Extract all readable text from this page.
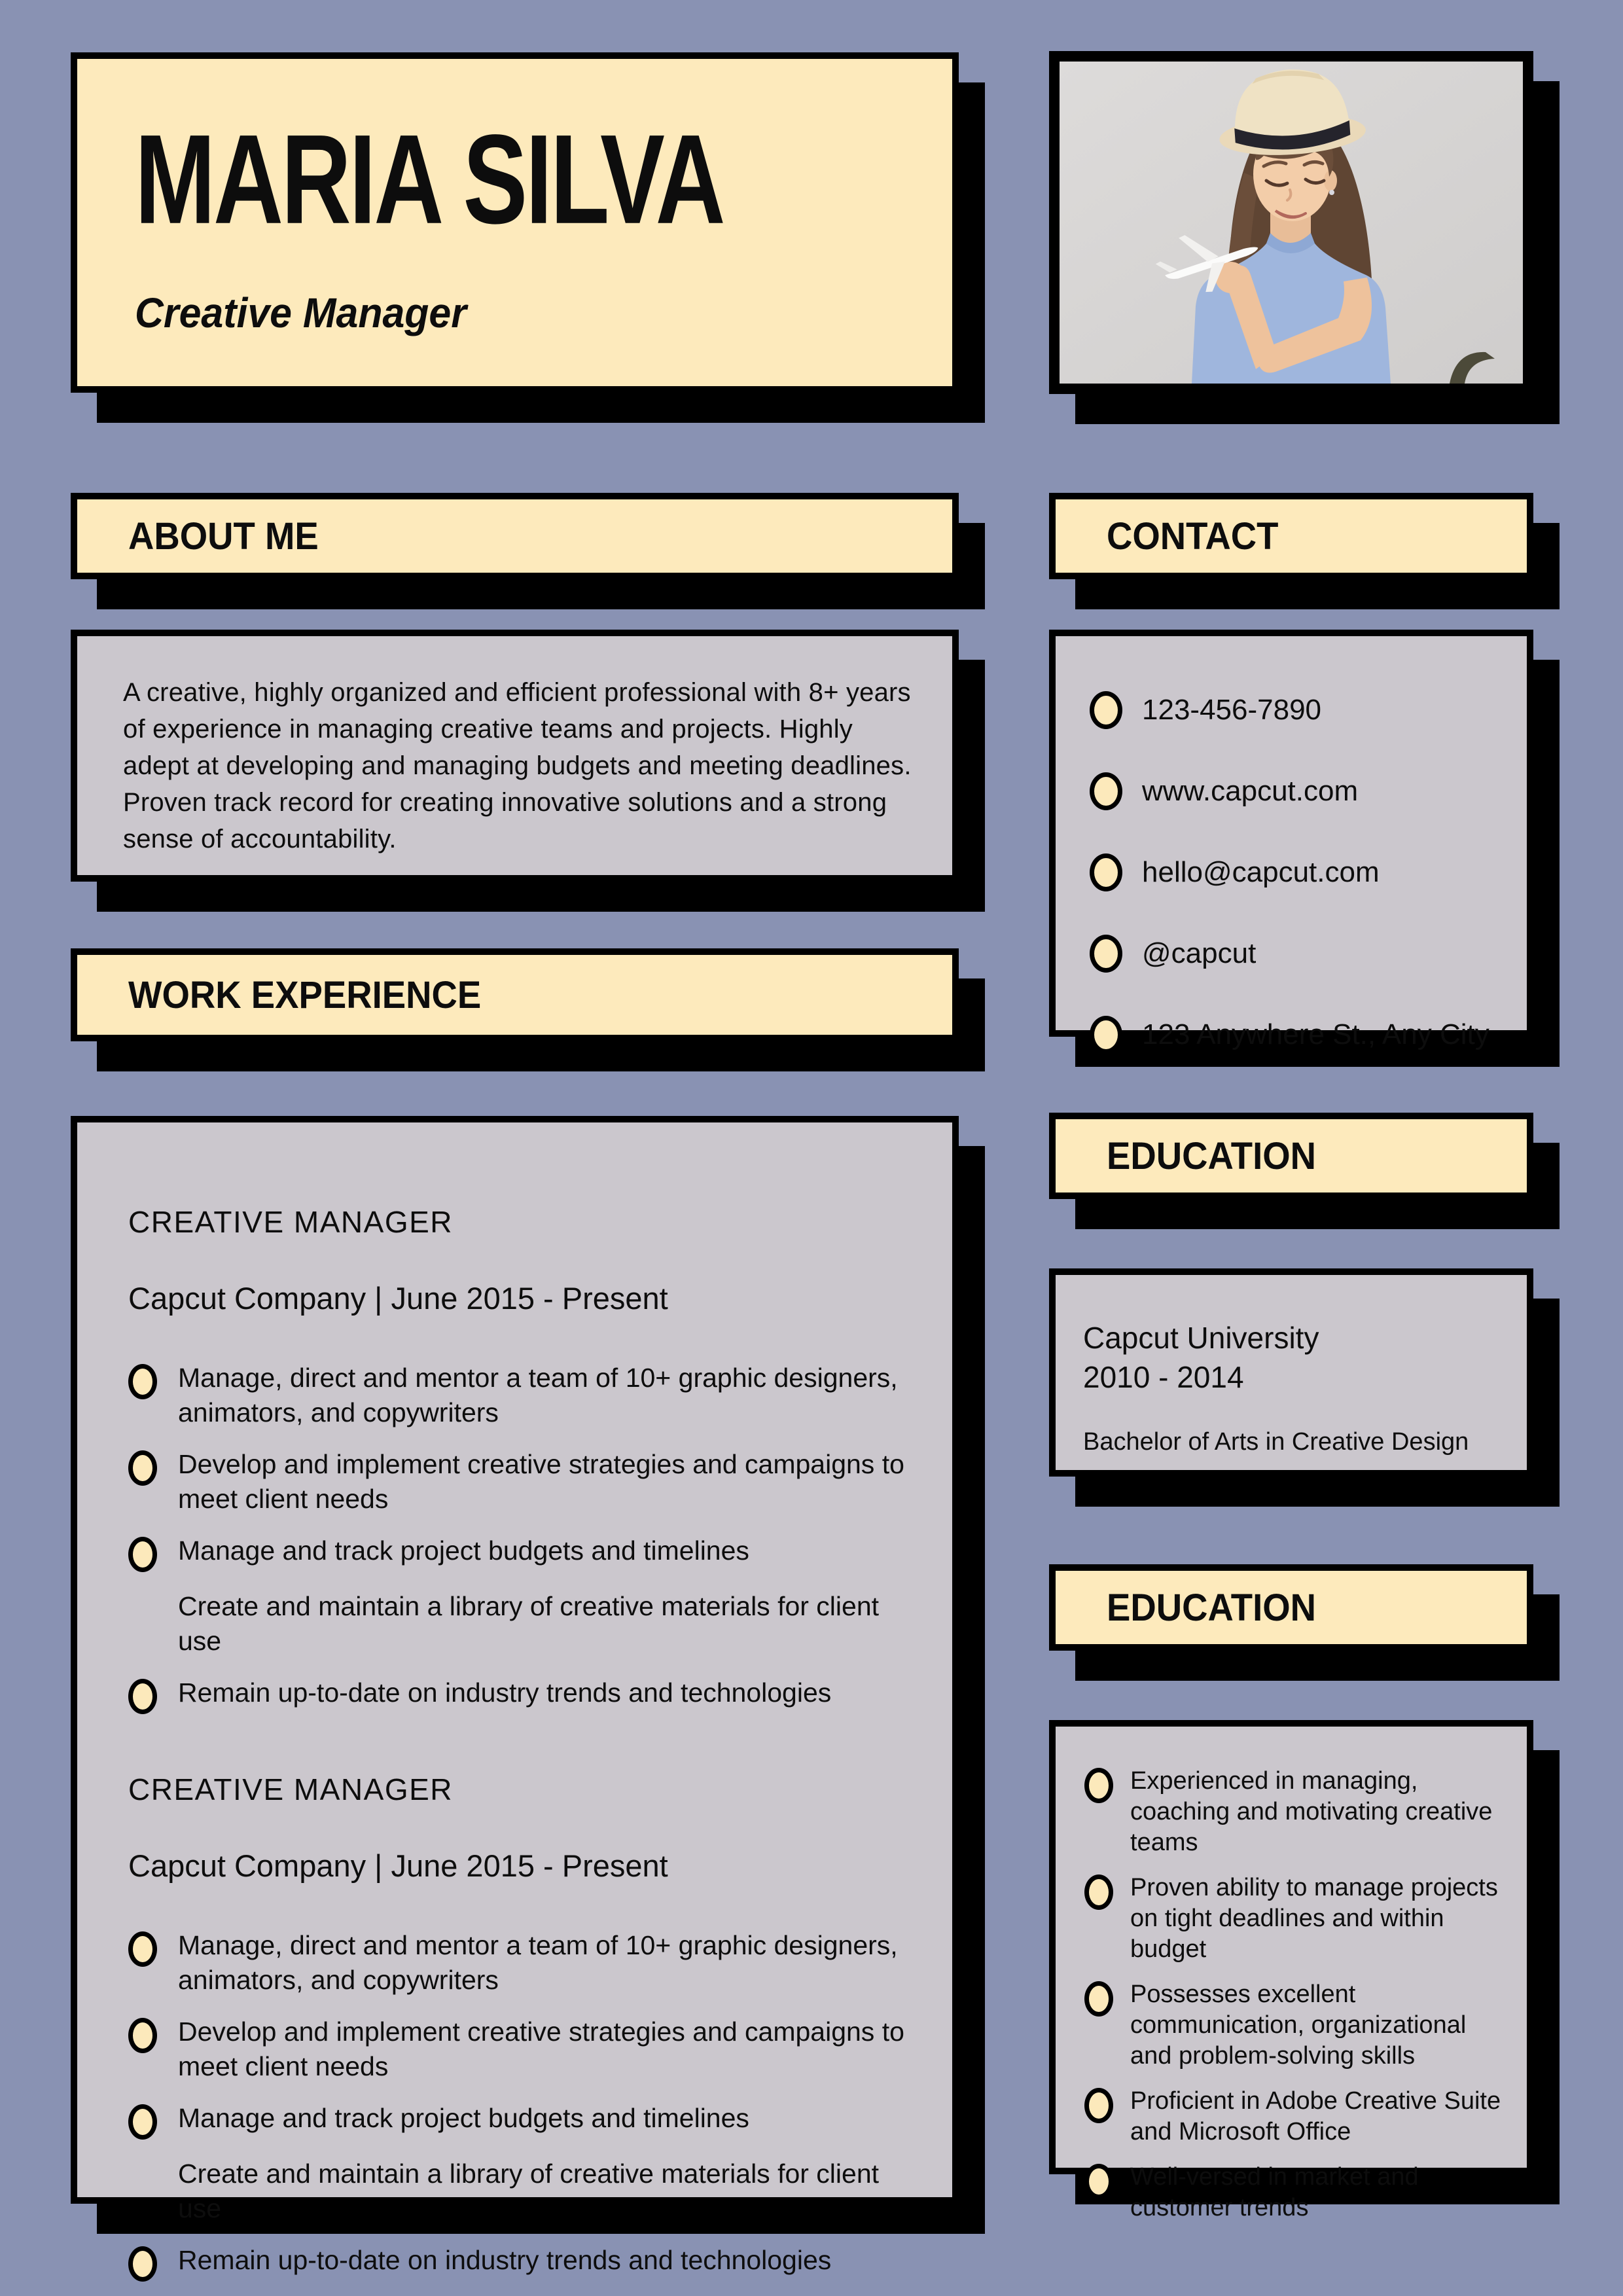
MARIA SILVA
Creative Manager
ABOUT ME
A creative, highly organized and efficient professional with 8+ years of experience in managing creative teams and projects. Highly adept at developing and managing budgets and meeting deadlines. Proven track record for creating innovative solutions and a strong sense of accountability.
WORK EXPERIENCE
CREATIVE MANAGER
Capcut Company | June 2015 - Present
Manage, direct and mentor a team of 10+ graphic designers, animators, and copywriters
Develop and implement creative strategies and campaigns to meet client needs
Manage and track project budgets and timelines
Create and maintain a library of creative materials for client use
Remain up-to-date on industry trends and technologies
CREATIVE MANAGER
Capcut Company | June 2015 - Present
Manage, direct and mentor a team of 10+ graphic designers, animators, and copywriters
Develop and implement creative strategies and campaigns to meet client needs
Manage and track project budgets and timelines
Create and maintain a library of creative materials for client use
Remain up-to-date on industry trends and technologies
CONTACT
123-456-7890
www.capcut.com
hello@capcut.com
@capcut
123 Anywhere St., Any City
EDUCATION
Capcut University
2010 - 2014
Bachelor of Arts in Creative Design
EDUCATION
Experienced in managing, coaching and motivating creative teams
Proven ability to manage projects on tight deadlines and within budget
Possesses excellent communication, organizational and problem-solving skills
Proficient in Adobe Creative Suite and Microsoft Office
Well-versed in market and customer trends
